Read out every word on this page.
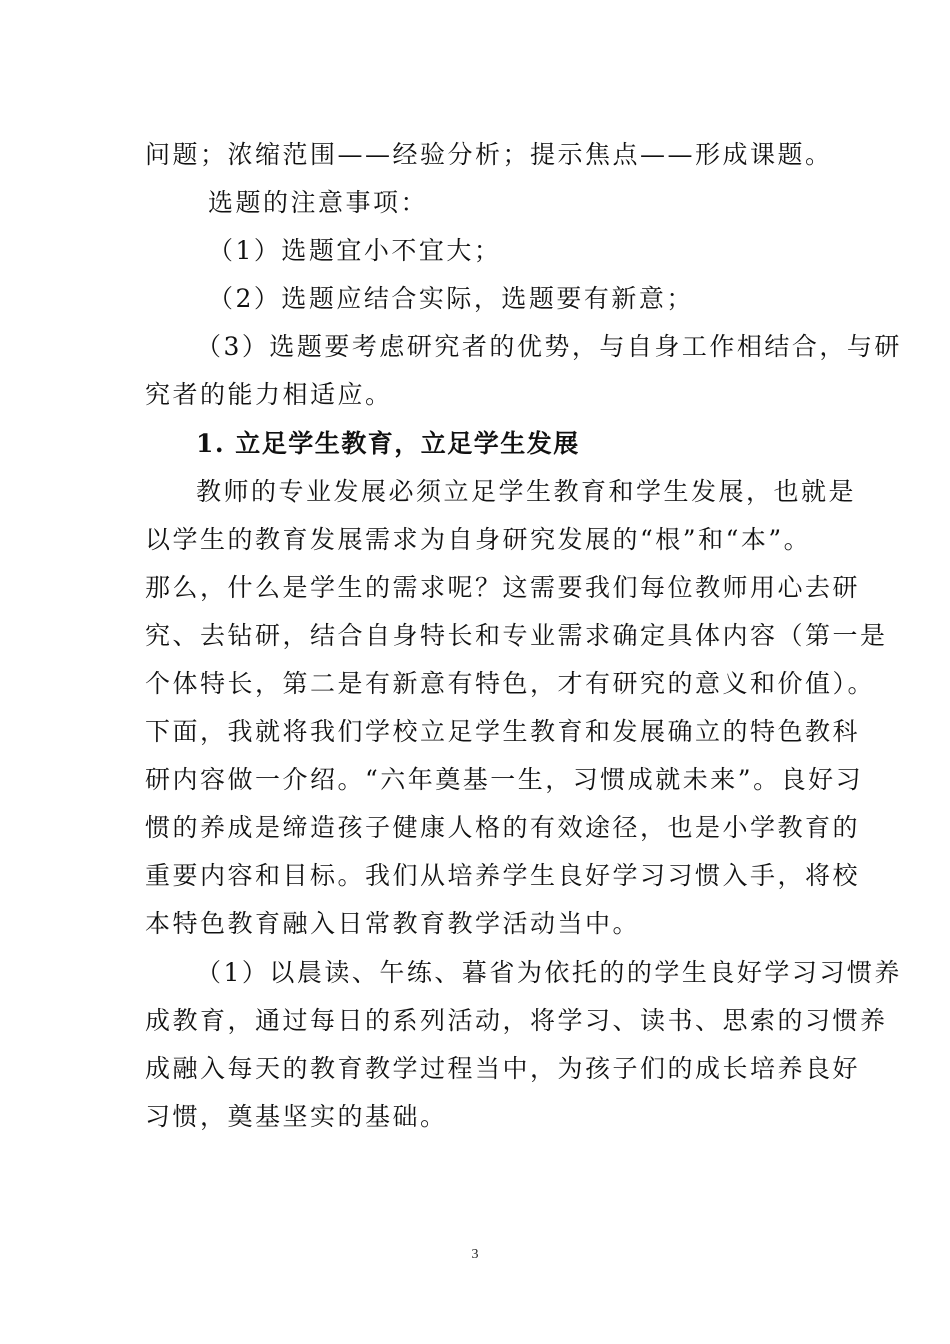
问题；浓缩范围——经验分析；提示焦点——形成课题。
选题的注意事项：
（1）选题宜小不宜大；
（2）选题应结合实际，选题要有新意；
（3）选题要考虑研究者的优势，与自身工作相结合，与研
究者的能力相适应。
1. 立足学生教育，立足学生发展
教师的专业发展必须立足学生教育和学生发展，也就是
以学生的教育发展需求为自身研究发展的“根”和“本”。
那么，什么是学生的需求呢？这需要我们每位教师用心去研
究、去钻研，结合自身特长和专业需求确定具体内容（第一是
个体特长，第二是有新意有特色，才有研究的意义和价值）。
下面，我就将我们学校立足学生教育和发展确立的特色教科
研内容做一介绍。“六年奠基一生，习惯成就未来”。良好习
惯的养成是缔造孩子健康人格的有效途径，也是小学教育的
重要内容和目标。我们从培养学生良好学习习惯入手，将校
本特色教育融入日常教育教学活动当中。
（1）以晨读、午练、暮省为依托的的学生良好学习习惯养
成教育，通过每日的系列活动，将学习、读书、思索的习惯养
成融入每天的教育教学过程当中，为孩子们的成长培养良好
习惯，奠基坚实的基础。
3
